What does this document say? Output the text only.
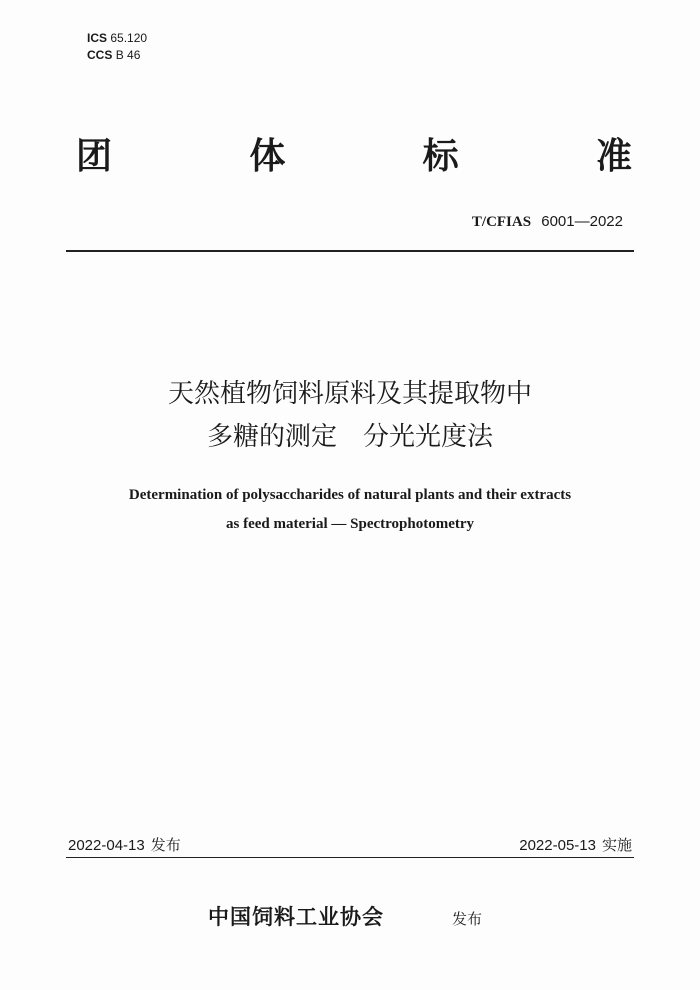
ICS 65.120
CCS B 46
团	体	标	准
T/CFIAS 6001—2022
天然植物饲料原料及其提取物中
多糖的测定 分光光度法
Determination of polysaccharides of natural plants and their extracts
as feed material — Spectrophotometry
2022-04-13 发布	2022-05-13 实施
中国饲料工业协会	发布
